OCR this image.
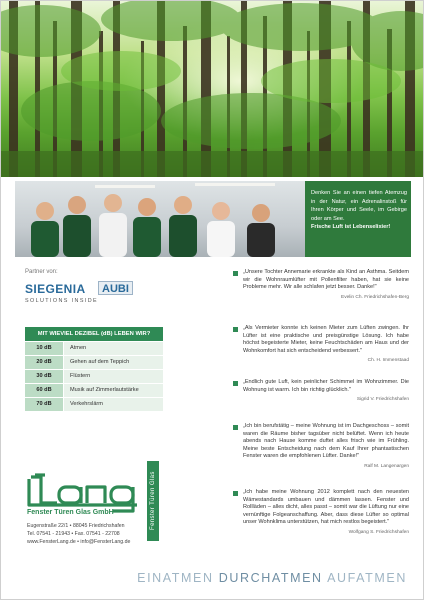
Denken Sie an einen tiefen Atemzug in der Natur, ein Adrenalinstoß für Ihren Körper und Seele, im Gebirge oder am See.
Frische Luft ist Lebenselixier!
Partner von:
SIEGENIA	AUBI
SOLUTIONS INSIDE
MIT WIEVIEL DEZIBEL (dB) LEBEN WIR?
10 dB	Atmen
20 dB	Gehen auf dem Teppich
30 dB	Flüstern
60 dB	Musik auf Zimmerlautstärke
70 dB	Verkehrslärm
Fenster Türen Glas GmbH
Eugenstraße 22/1 • 88045 Friedrichshafen
Tel. 07541 - 21943 • Fax. 07541 - 22708
www.FensterLang.de • info@FensterLang.de
Fenster Türen Glas
„Unsere Tochter Annemarie erkrankte als Kind an Asthma. Seitdem wir die Wohnraumlüfter mit Pollenfilter haben, hat sie keine Probleme mehr. Wir alle schlafen jetzt besser. Danke!"
Evelin Ch. Friedrichshafen-Berg
„Als Vermieter konnte ich keinen Mieter zum Lüften zwingen. Ihr Lüfter ist eine praktische und preisgünstige Lösung. Ich habe höchst begeisterte Mieter, keine Feuchtschäden am Haus und der Wohnkomfort hat sich entscheidend verbessert."
Ch. H. Immenstaad
„Endlich gute Luft, kein peinlicher Schimmel im Wohnzimmer. Die Wohnung ist warm. Ich bin richtig glücklich."
Sigrid V. Friedrichshafen
„Ich bin berufstätig – meine Wohnung ist im Dachgeschoss – somit waren die Räume bisher tagsüber nicht belüftet. Wenn ich heute abends nach Hause komme duftet alles frisch wie im Frühling. Meine beste Entscheidung nach dem Kauf Ihrer phantastischen Fenster waren die empfohlenen Lüfter. Danke!"
Ralf M. Langenargen
„Ich habe meine Wohnung 2012 komplett nach den neuesten Wämestandards umbauen und dämmen lassen. Fenster und Rollläden – alles dicht, alles passt – somit war die Lüftung nur eine vernünftige Folgeanschaffung. Aber, dass diese Lüfter so optimal unser Wohnklima unterstützen, hat mich restlos begeistert."
Wolfgang S. Friedrichshafen
EINATMEN DURCHATMEN AUFATMEN
